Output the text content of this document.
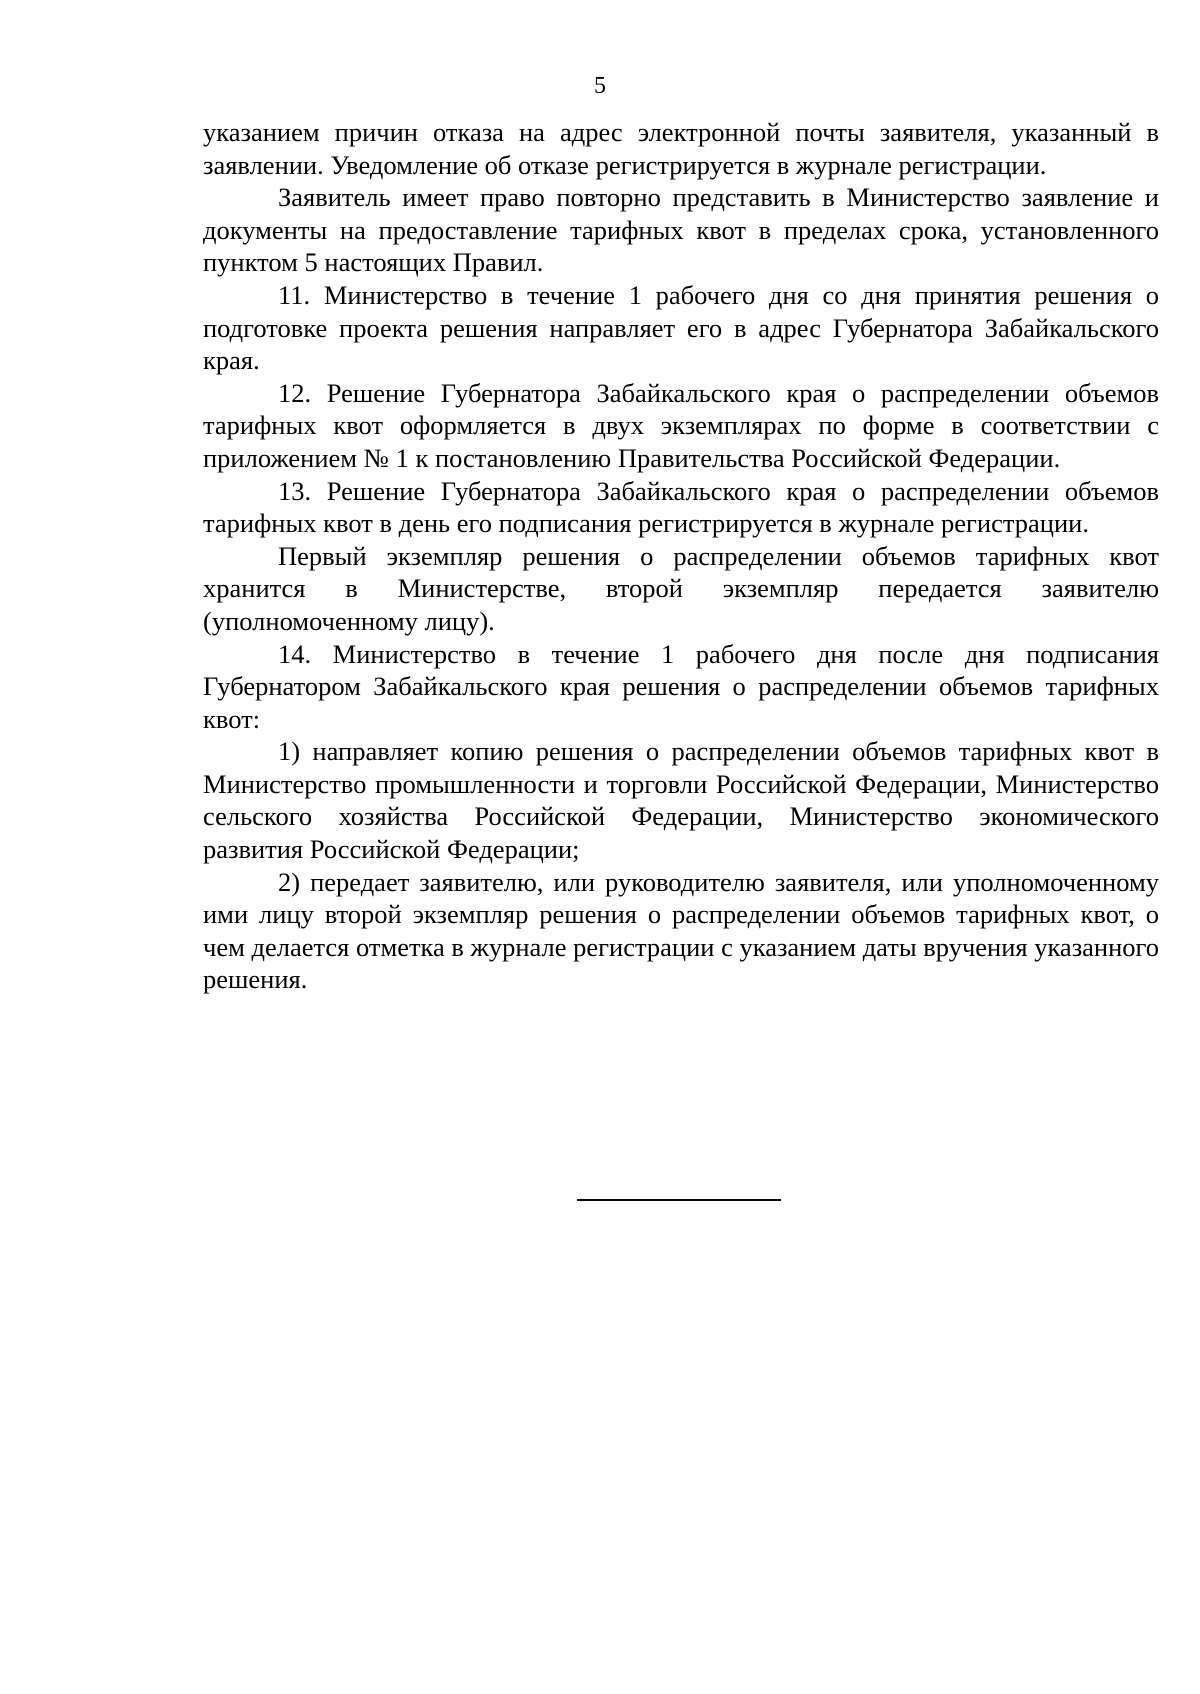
5

указанием причин отказа на адрес электронной почты заявителя, указанный в заявлении. Уведомление об отказе регистрируется в журнале регистрации.

Заявитель имеет право повторно представить в Министерство заявление и документы на предоставление тарифных квот в пределах срока, установленного пунктом 5 настоящих Правил.

11. Министерство в течение 1 рабочего дня со дня принятия решения о подготовке проекта решения направляет его в адрес Губернатора Забайкальского края.

12. Решение Губернатора Забайкальского края о распределении объемов тарифных квот оформляется в двух экземплярах по форме в соответствии с приложением № 1 к постановлению Правительства Российской Федерации.

13. Решение Губернатора Забайкальского края о распределении объемов тарифных квот в день его подписания регистрируется в журнале регистрации.

Первый экземпляр решения о распределении объемов тарифных квот хранится в Министерстве, второй экземпляр передается заявителю (уполномоченному лицу).

14. Министерство в течение 1 рабочего дня после дня подписания Губернатором Забайкальского края решения о распределении объемов тарифных квот:

1) направляет копию решения о распределении объемов тарифных квот в Министерство промышленности и торговли Российской Федерации, Министерство сельского хозяйства Российской Федерации, Министерство экономического развития Российской Федерации;

2) передает заявителю, или руководителю заявителя, или уполномоченному ими лицу второй экземпляр решения о распределении объемов тарифных квот, о чем делается отметка в журнале регистрации с указанием даты вручения указанного решения.
